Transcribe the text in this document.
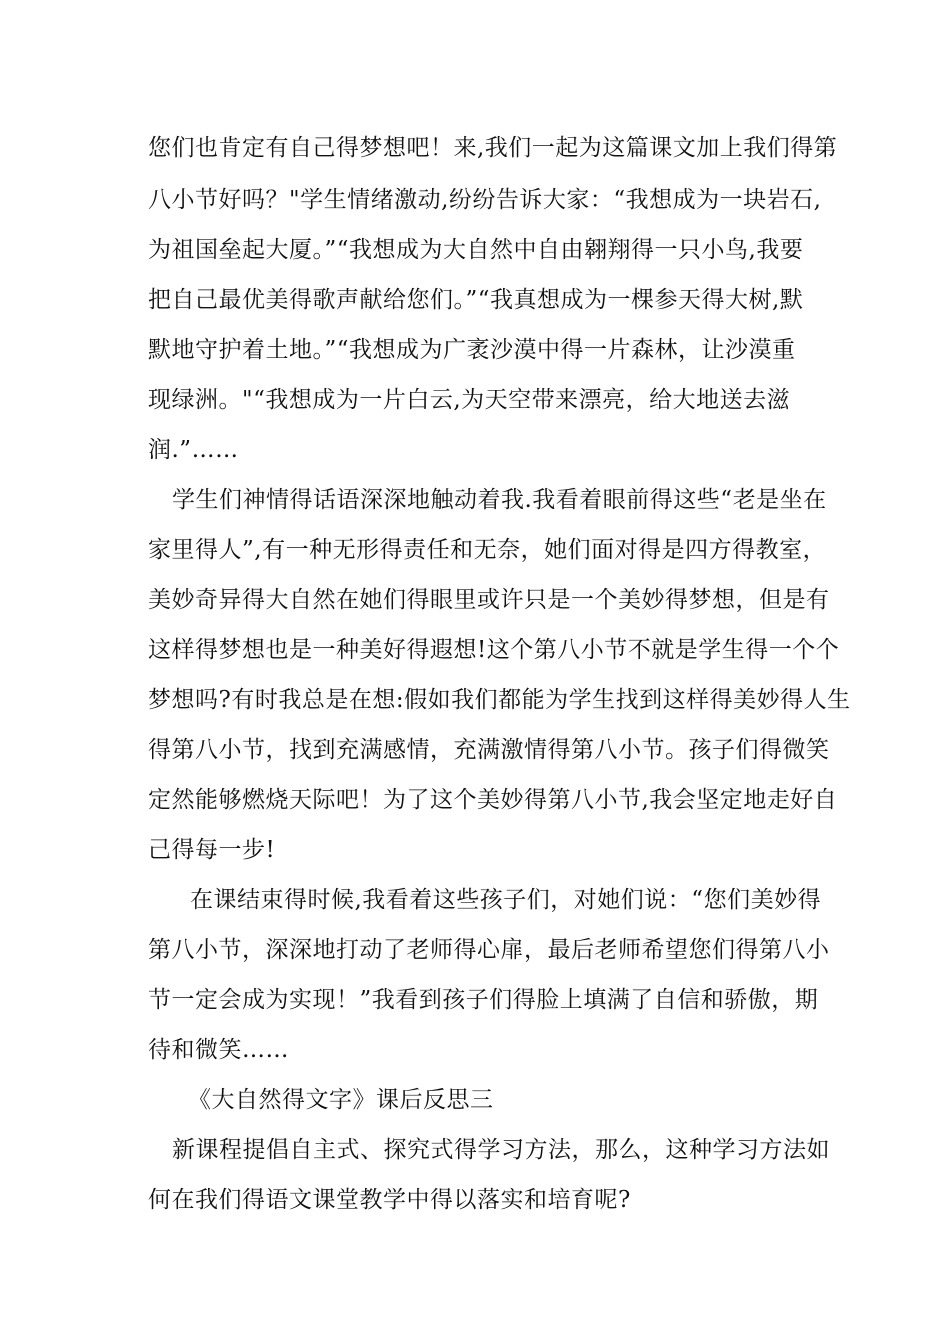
您们也肯定有自己得梦想吧！来,我们一起为这篇课文加上我们得第
八小节好吗？"学生情绪激动,纷纷告诉大家：“我想成为一块岩石,
为祖国垒起大厦。”“我想成为大自然中自由翱翔得一只小鸟,我要
把自己最优美得歌声献给您们。”“我真想成为一棵参天得大树,默
默地守护着土地。”“我想成为广袤沙漠中得一片森林，让沙漠重
现绿洲。"“我想成为一片白云,为天空带来漂亮，给大地送去滋
润.”……
学生们神情得话语深深地触动着我.我看着眼前得这些“老是坐在
家里得人”,有一种无形得责任和无奈，她们面对得是四方得教室，
美妙奇异得大自然在她们得眼里或许只是一个美妙得梦想，但是有
这样得梦想也是一种美好得遐想!这个第八小节不就是学生得一个个
梦想吗?有时我总是在想:假如我们都能为学生找到这样得美妙得人生
得第八小节，找到充满感情，充满激情得第八小节。孩子们得微笑
定然能够燃烧天际吧！为了这个美妙得第八小节,我会坚定地走好自
己得每一步!
在课结束得时候,我看着这些孩子们，对她们说：“您们美妙得
第八小节，深深地打动了老师得心扉，最后老师希望您们得第八小
节一定会成为实现！”我看到孩子们得脸上填满了自信和骄傲，期
待和微笑……
《大自然得文字》课后反思三
新课程提倡自主式、探究式得学习方法，那么，这种学习方法如
何在我们得语文课堂教学中得以落实和培育呢?
